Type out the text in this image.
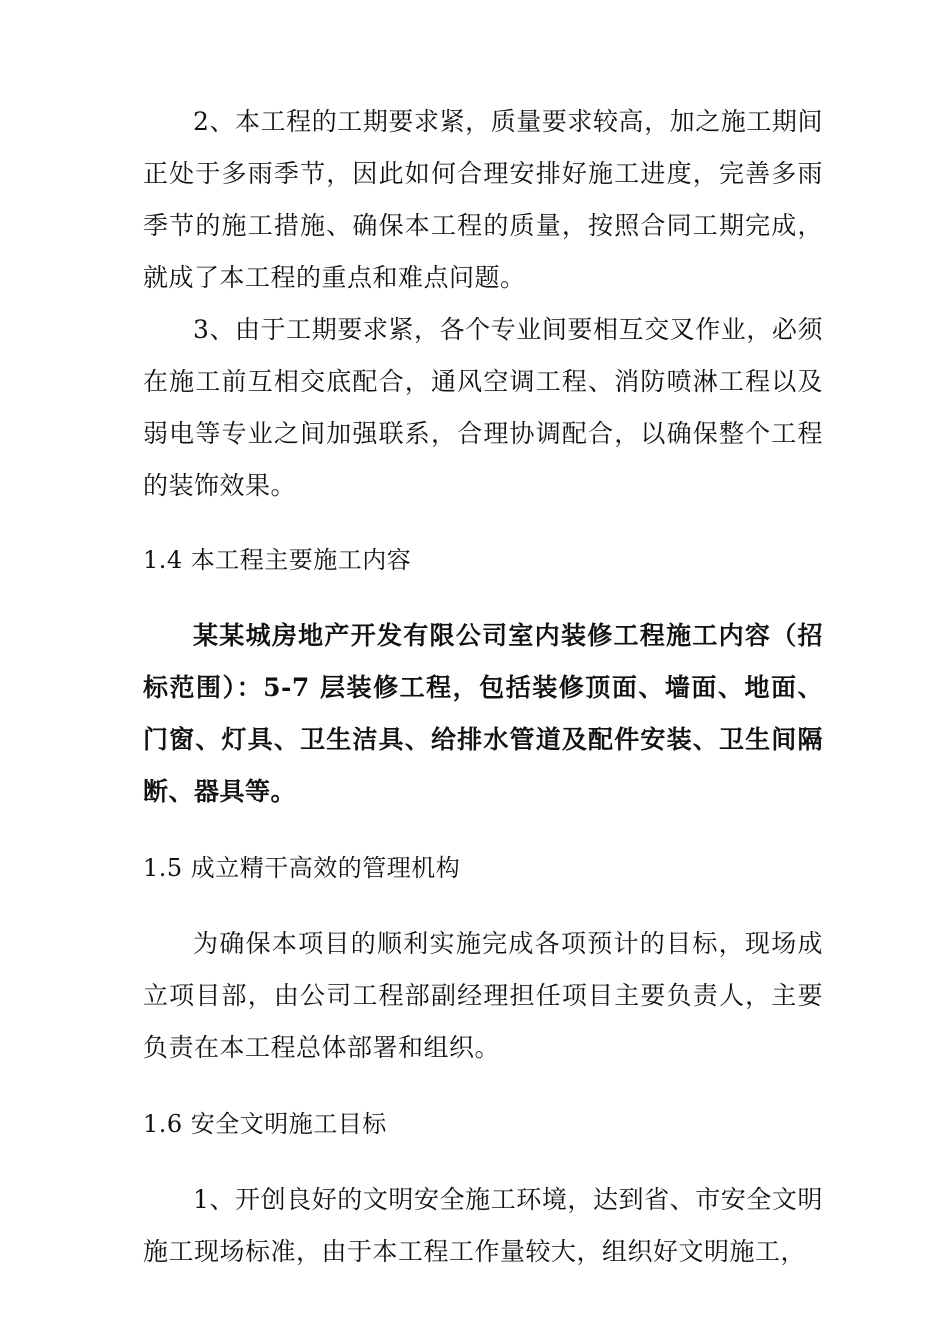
2、本工程的工期要求紧，质量要求较高，加之施工期间正处于多雨季节，因此如何合理安排好施工进度，完善多雨季节的施工措施、确保本工程的质量，按照合同工期完成，就成了本工程的重点和难点问题。

3、由于工期要求紧，各个专业间要相互交叉作业，必须在施工前互相交底配合，通风空调工程、消防喷淋工程以及弱电等专业之间加强联系，合理协调配合，以确保整个工程的装饰效果。

1.4 本工程主要施工内容

某某城房地产开发有限公司室内装修工程施工内容（招标范围）：5-7 层装修工程，包括装修顶面、墙面、地面、门窗、灯具、卫生洁具、给排水管道及配件安装、卫生间隔断、器具等。

1.5 成立精干高效的管理机构

为确保本项目的顺利实施完成各项预计的目标，现场成立项目部，由公司工程部副经理担任项目主要负责人，主要负责在本工程总体部署和组织。

1.6 安全文明施工目标

1、开创良好的文明安全施工环境，达到省、市安全文明施工现场标准，由于本工程工作量较大，组织好文明施工，
